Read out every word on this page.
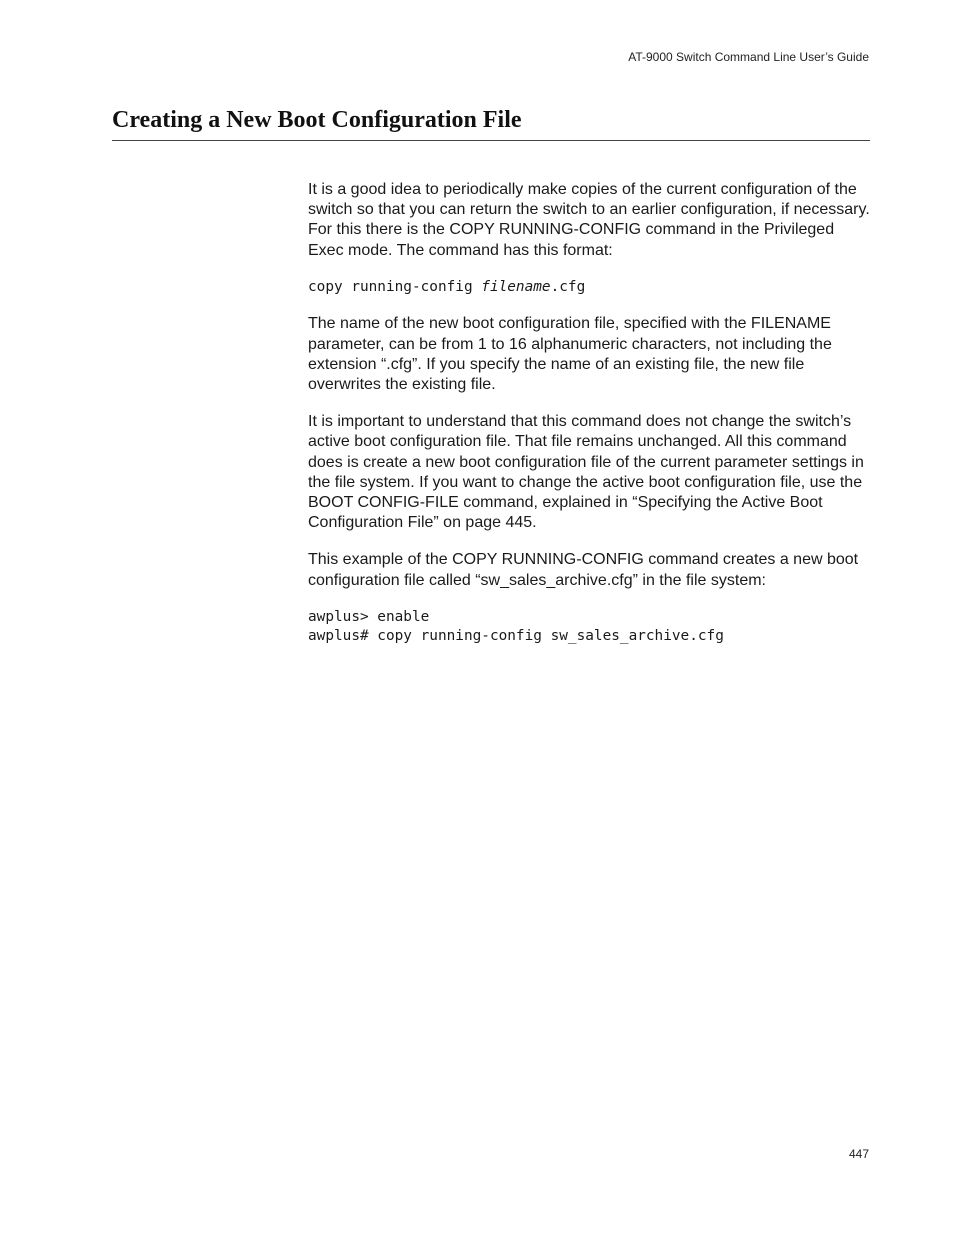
AT-9000 Switch Command Line User’s Guide
Creating a New Boot Configuration File

It is a good idea to periodically make copies of the current configuration of the switch so that you can return the switch to an earlier configuration, if necessary. For this there is the COPY RUNNING-CONFIG command in the Privileged Exec mode. The command has this format:

copy running-config filename.cfg

The name of the new boot configuration file, specified with the FILENAME parameter, can be from 1 to 16 alphanumeric characters, not including the extension “.cfg”. If you specify the name of an existing file, the new file overwrites the existing file.

It is important to understand that this command does not change the switch’s active boot configuration file. That file remains unchanged. All this command does is create a new boot configuration file of the current parameter settings in the file system. If you want to change the active boot configuration file, use the BOOT CONFIG-FILE command, explained in “Specifying the Active Boot Configuration File” on page 445.

This example of the COPY RUNNING-CONFIG command creates a new boot configuration file called “sw_sales_archive.cfg” in the file system:

awplus> enable
awplus# copy running-config sw_sales_archive.cfg
447
